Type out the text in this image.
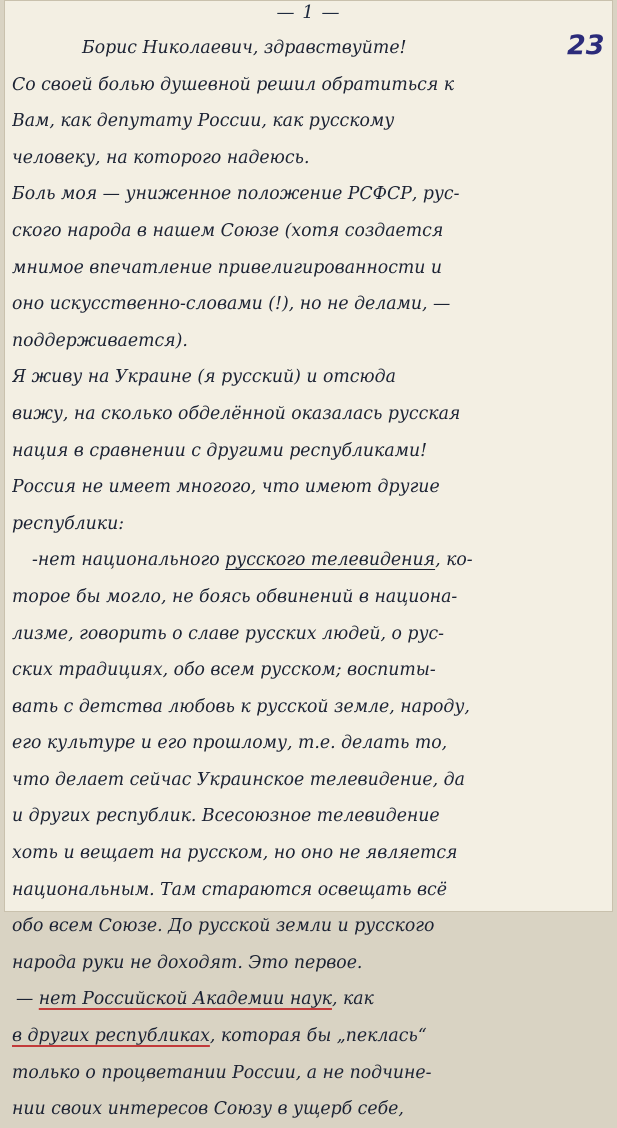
— 1 —
23
Борис Николаевич, здравствуйте!
Со своей болью душевной решил обратиться к
Вам, как депутату России, как русскому
человеку, на которого надеюсь.
Боль моя — униженное положение РСФСР, рус-
ского народа в нашем Союзе (хотя создается
мнимое впечатление привелигированности и
оно искусственно-словами (!), но не делами, —
поддерживается).
Я живу на Украине (я русский) и отсюда
вижу, на сколько обделённой оказалась русская
нация в сравнении с другими республиками!
Россия не имеет многого, что имеют другие
республики:
-нет национального русского телевидения, ко-
торое бы могло, не боясь обвинений в национа-
лизме, говорить о славе русских людей, о рус-
ских традициях, обо всем русском; воспиты-
вать с детства любовь к русской земле, народу,
его культуре и его прошлому, т.е. делать то,
что делает сейчас Украинское телевидение, да
и других республик. Всесоюзное телевидение
хоть и вещает на русском, но оно не является
национальным. Там стараются освещать всё
обо всем Союзе. До русской земли и русского
народа руки не доходят. Это первое.
— нет Российской Академии наук, как
в других республиках, которая бы „пеклась“
только о процветании России, а не подчине-
нии своих интересов Союзу в ущерб себе,
